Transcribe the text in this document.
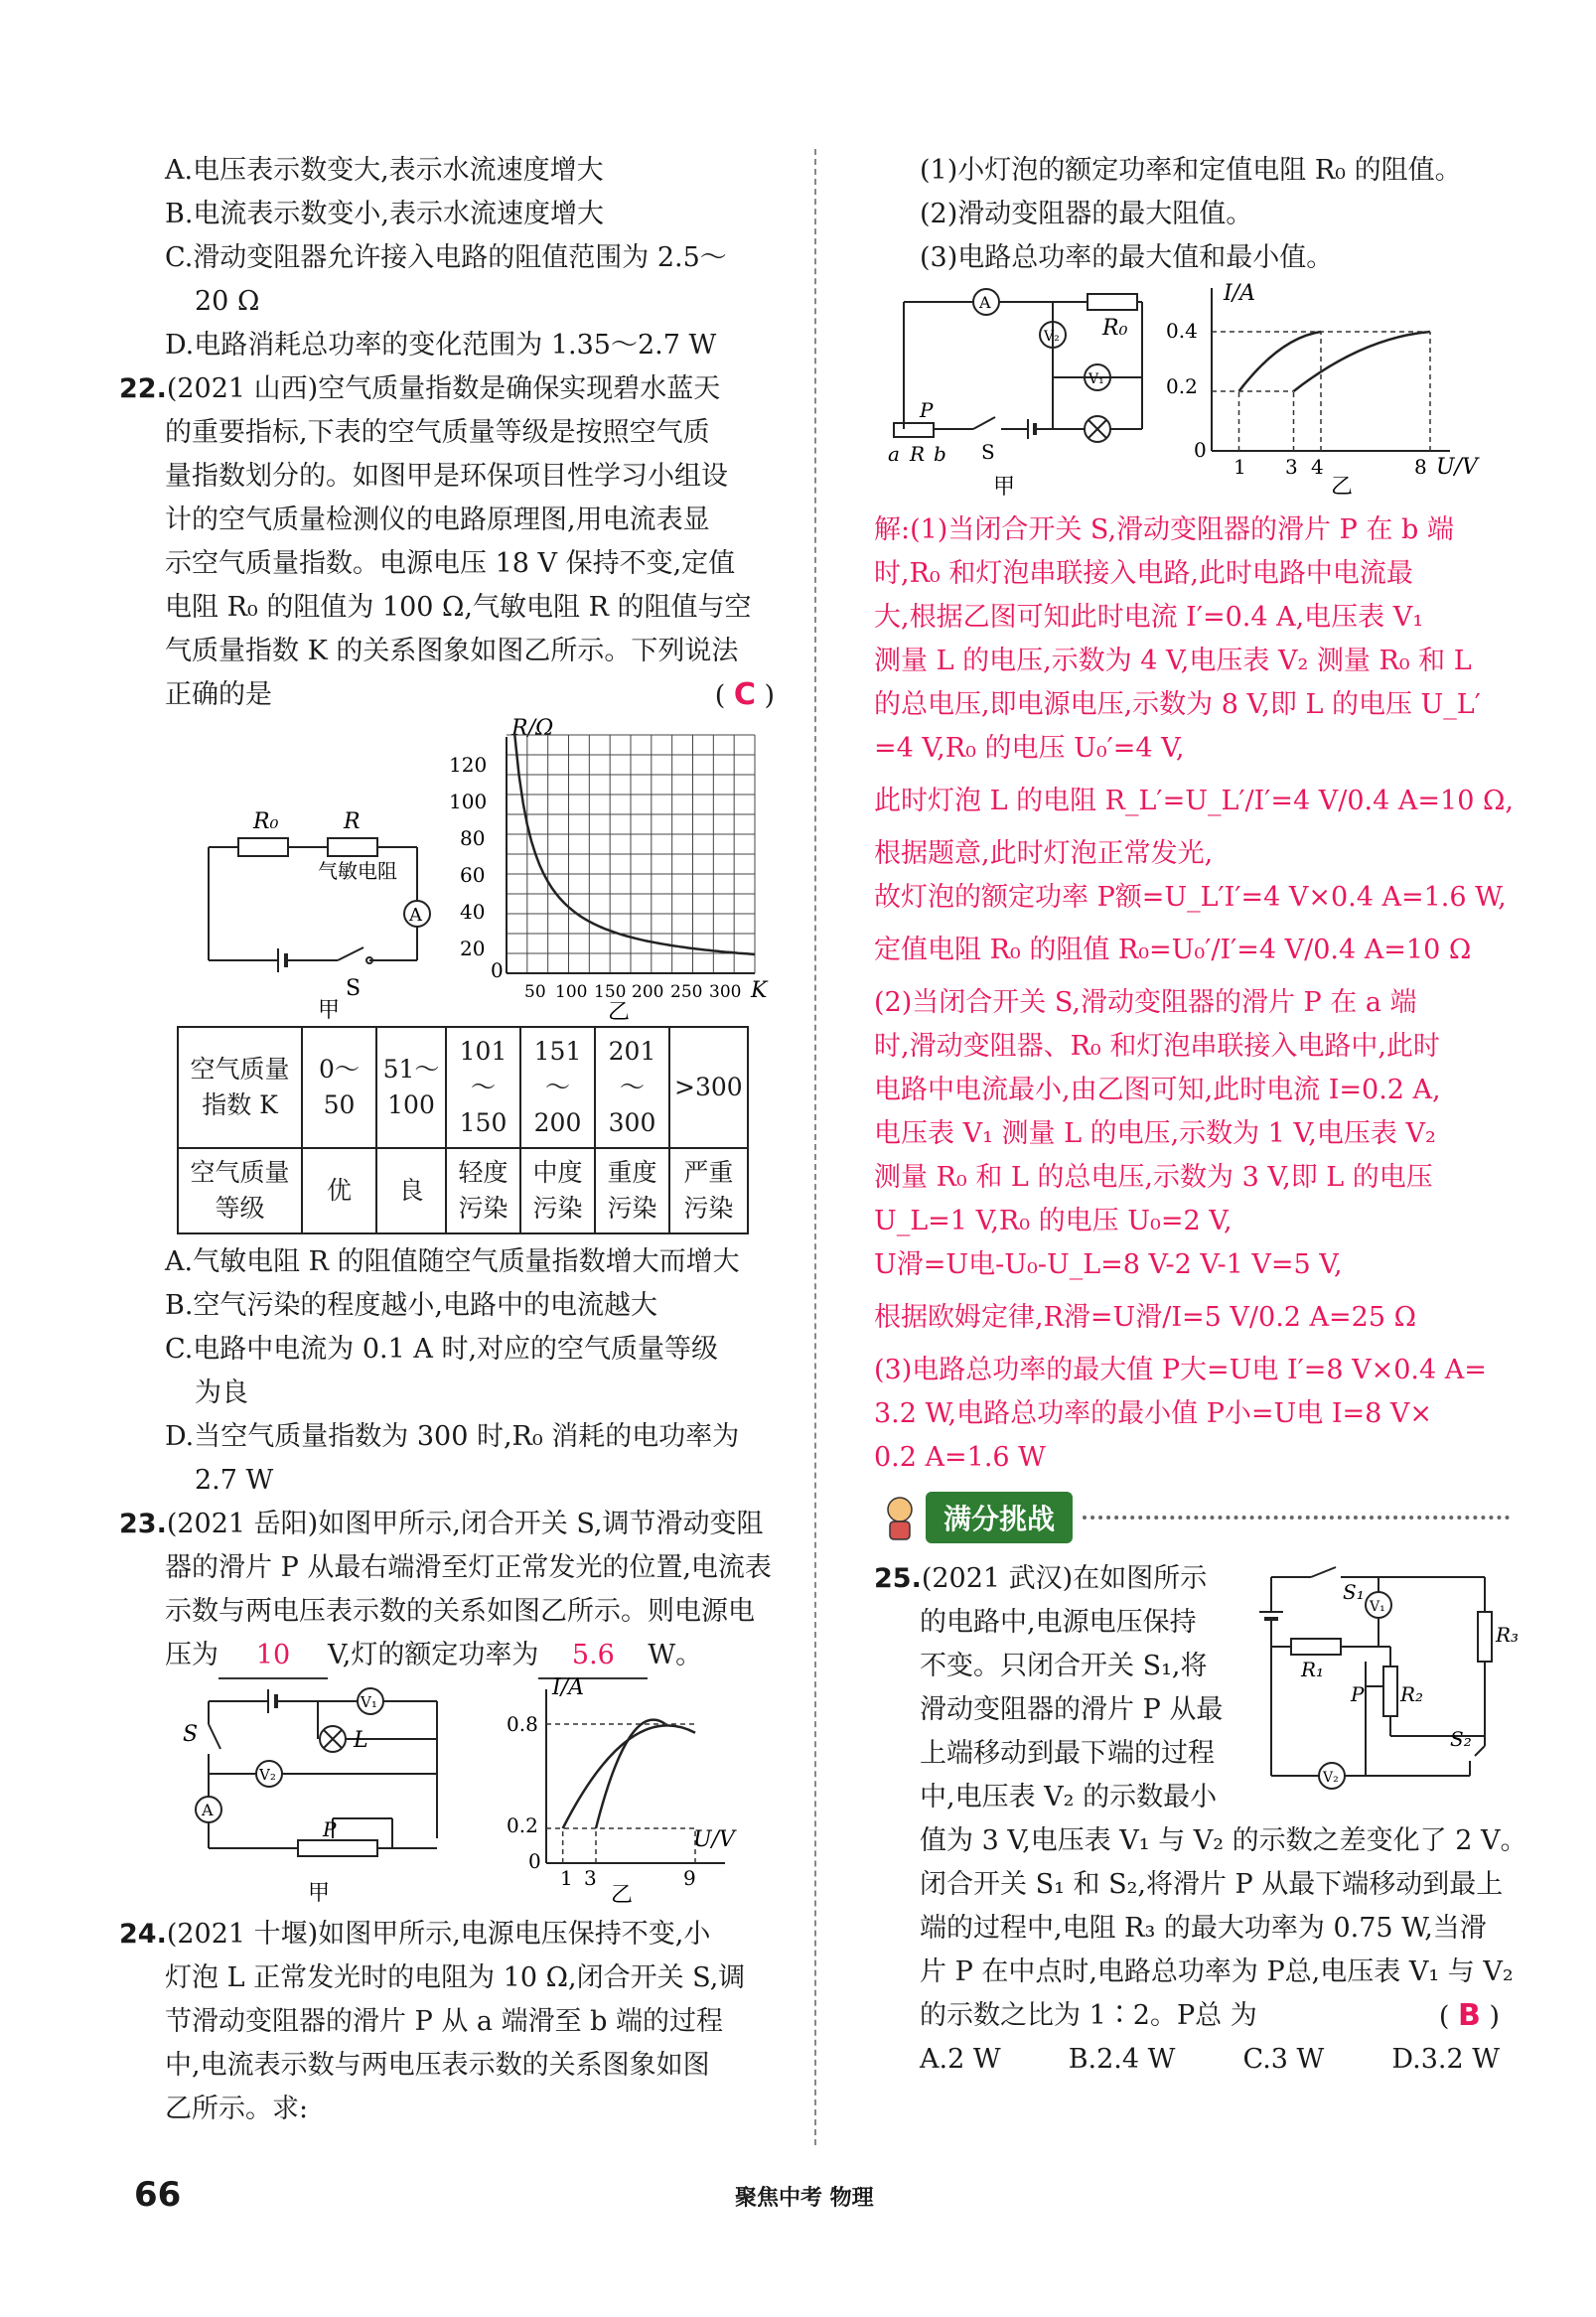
A.电压表示数变大,表示水流速度增大
B.电流表示数变小,表示水流速度增大
C.滑动变阻器允许接入电路的阻值范围为 2.5～
20 Ω
D.电路消耗总功率的变化范围为 1.35～2.7 W
22.(2021 山西)空气质量指数是确保实现碧水蓝天
的重要指标,下表的空气质量等级是按照空气质
量指数划分的。如图甲是环保项目性学习小组设
计的空气质量检测仪的电路原理图,用电流表显
示空气质量指数。电源电压 18 V 保持不变,定值
电阻 R₀ 的阻值为 100 Ω,气敏电阻 R 的阻值与空
气质量指数 K 的关系图象如图乙所示。下列说法
正确的是	( C )
R₀	R
气敏电阻
A
S
甲
R/Ω
120
100
80
60
40
20
0
50 100 150 200 250 300 K
乙
空气质量指数 K	0～50	51～100	101～150	151～200	201～300	>300
空气质量等级	优	良	轻度污染	中度污染	重度污染	严重污染
A.气敏电阻 R 的阻值随空气质量指数增大而增大
B.空气污染的程度越小,电路中的电流越大
C.电路中电流为 0.1 A 时,对应的空气质量等级
为良
D.当空气质量指数为 300 时,R₀ 消耗的电功率为
2.7 W
23.(2021 岳阳)如图甲所示,闭合开关 S,调节滑动变阻
器的滑片 P 从最右端滑至灯正常发光的位置,电流表
示数与两电压表示数的关系如图乙所示。则电源电
压为 10 V,灯的额定功率为 5.6 W。
S	L
V₁
V₂
A
P
甲
I/A
0.8
0.2
0
1 3	9
U/V
乙
24.(2021 十堰)如图甲所示,电源电压保持不变,小
灯泡 L 正常发光时的电阻为 10 Ω,闭合开关 S,调
节滑动变阻器的滑片 P 从 a 端滑至 b 端的过程
中,电流表示数与两电压表示数的关系图象如图
乙所示。求:
(1)小灯泡的额定功率和定值电阻 R₀ 的阻值。
(2)滑动变阻器的最大阻值。
(3)电路总功率的最大值和最小值。
A
V₂
V₁
R₀
P
a R b S
甲
I/A
0.4
0.2
0
1 3 4	8 U/V
乙
解:(1)当闭合开关 S,滑动变阻器的滑片 P 在 b 端
时,R₀ 和灯泡串联接入电路,此时电路中电流最
大,根据乙图可知此时电流 I′=0.4 A,电压表 V₁
测量 L 的电压,示数为 4 V,电压表 V₂ 测量 R₀ 和 L
的总电压,即电源电压,示数为 8 V,即 L 的电压 U_L′
=4 V,R₀ 的电压 U₀′=4 V,
此时灯泡 L 的电阻 R_L′=U_L′/I′=4 V/0.4 A=10 Ω,
根据题意,此时灯泡正常发光,
故灯泡的额定功率 P额=U_L′I′=4 V×0.4 A=1.6 W,
定值电阻 R₀ 的阻值 R₀=U₀′/I′=4 V/0.4 A=10 Ω
(2)当闭合开关 S,滑动变阻器的滑片 P 在 a 端
时,滑动变阻器、R₀ 和灯泡串联接入电路中,此时
电路中电流最小,由乙图可知,此时电流 I=0.2 A,
电压表 V₁ 测量 L 的电压,示数为 1 V,电压表 V₂
测量 R₀ 和 L 的总电压,示数为 3 V,即 L 的电压
U_L=1 V,R₀ 的电压 U₀=2 V,
U滑=U电-U₀-U_L=8 V-2 V-1 V=5 V,
根据欧姆定律,R滑=U滑/I=5 V/0.2 A=25 Ω
(3)电路总功率的最大值 P大=U电 I′=8 V×0.4 A=
3.2 W,电路总功率的最小值 P小=U电 I=8 V×
0.2 A=1.6 W
满分挑战
25.(2021 武汉)在如图所示
的电路中,电源电压保持
不变。只闭合开关 S₁,将
滑动变阻器的滑片 P 从最
上端移动到最下端的过程
中,电压表 V₂ 的示数最小
值为 3 V,电压表 V₁ 与 V₂ 的示数之差变化了 2 V。
闭合开关 S₁ 和 S₂,将滑片 P 从最下端移动到最上
端的过程中,电阻 R₃ 的最大功率为 0.75 W,当滑
片 P 在中点时,电路总功率为 P总,电压表 V₁ 与 V₂
的示数之比为 1∶2。P总 为	( B )
A.2 W	B.2.4 W	C.3 W	D.3.2 W
S₁
V₁
R₃
R₁
P R₂
S₂
V₂
66	聚焦中考 物理
